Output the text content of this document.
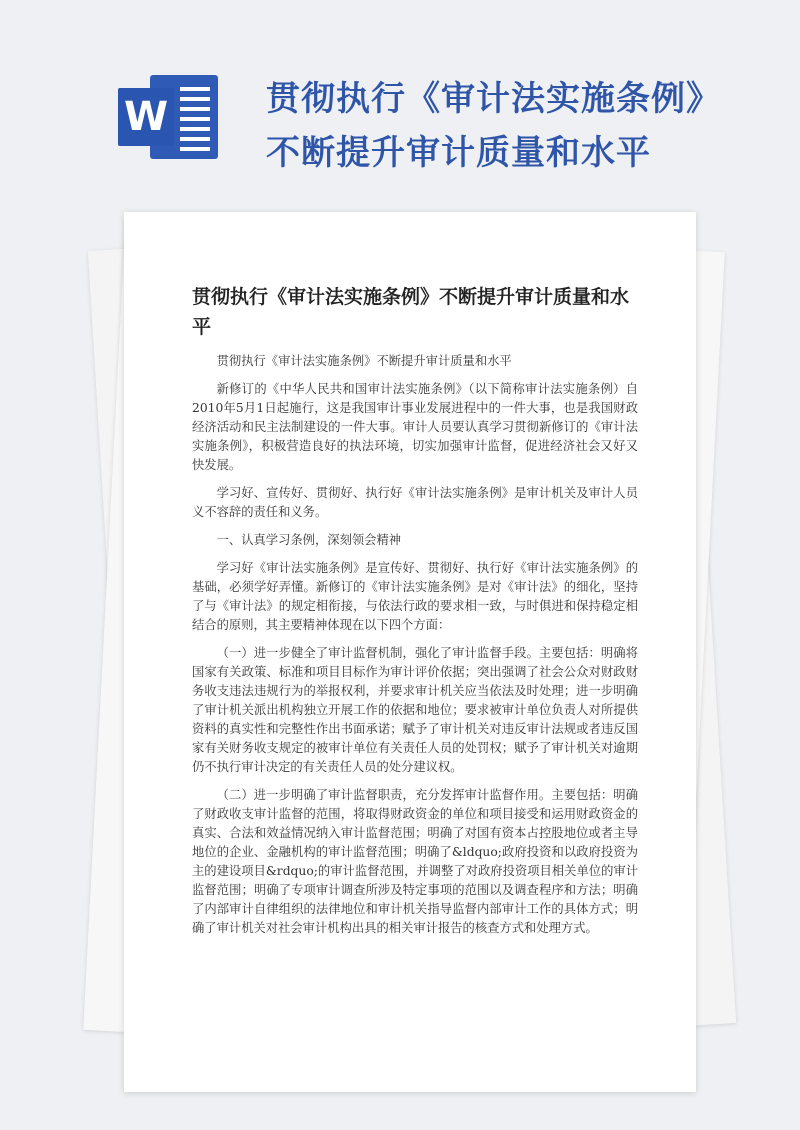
W	贯彻执行《审计法实施条例》
不断提升审计质量和水平
贯彻执行《审计法实施条例》不断提升审计质量和水平

贯彻执行《审计法实施条例》不断提升审计质量和水平

新修订的《中华人民共和国审计法实施条例》（以下简称审计法实施条例）自2010年5月1日起施行，这是我国审计事业发展进程中的一件大事，也是我国财政经济活动和民主法制建设的一件大事。审计人员要认真学习贯彻新修订的《审计法实施条例》，积极营造良好的执法环境，切实加强审计监督，促进经济社会又好又快发展。

学习好、宣传好、贯彻好、执行好《审计法实施条例》是审计机关及审计人员义不容辞的责任和义务。

一、认真学习条例，深刻领会精神

学习好《审计法实施条例》是宣传好、贯彻好、执行好《审计法实施条例》的基础，必须学好弄懂。新修订的《审计法实施条例》是对《审计法》的细化，坚持了与《审计法》的规定相衔接，与依法行政的要求相一致，与时俱进和保持稳定相结合的原则，其主要精神体现在以下四个方面：

（一）进一步健全了审计监督机制，强化了审计监督手段。主要包括：明确将国家有关政策、标准和项目目标作为审计评价依据；突出强调了社会公众对财政财务收支违法违规行为的举报权利，并要求审计机关应当依法及时处理；进一步明确了审计机关派出机构独立开展工作的依据和地位；要求被审计单位负责人对所提供资料的真实性和完整性作出书面承诺；赋予了审计机关对违反审计法规或者违反国家有关财务收支规定的被审计单位有关责任人员的处罚权；赋予了审计机关对逾期仍不执行审计决定的有关责任人员的处分建议权。

（二）进一步明确了审计监督职责，充分发挥审计监督作用。主要包括：明确了财政收支审计监督的范围，将取得财政资金的单位和项目接受和运用财政资金的真实、合法和效益情况纳入审计监督范围；明确了对国有资本占控股地位或者主导地位的企业、金融机构的审计监督范围；明确了&ldquo;政府投资和以政府投资为主的建设项目&rdquo;的审计监督范围，并调整了对政府投资项目相关单位的审计监督范围；明确了专项审计调查所涉及特定事项的范围以及调查程序和方法；明确了内部审计自律组织的法律地位和审计机关指导监督内部审计工作的具体方式；明确了审计机关对社会审计机构出具的相关审计报告的核查方式和处理方式。
